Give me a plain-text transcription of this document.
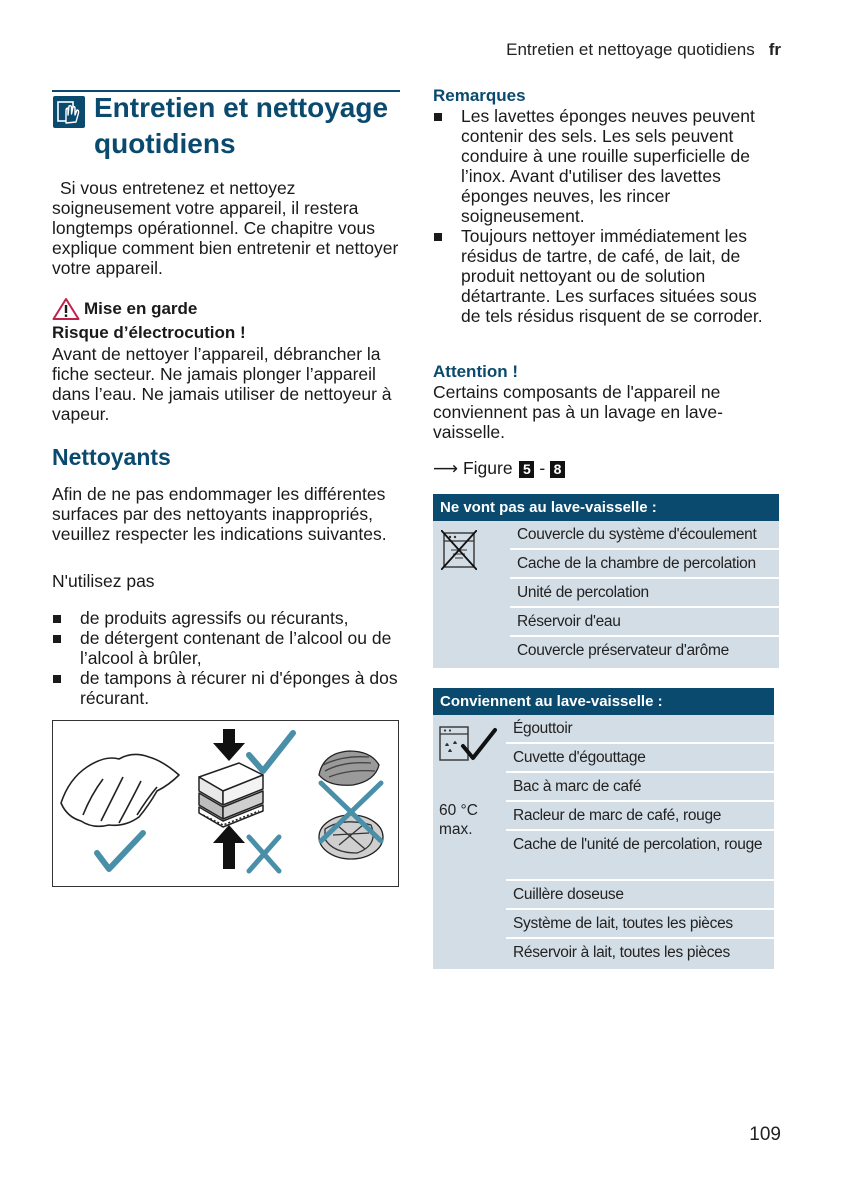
Entretien et nettoyage quotidiens fr
Entretien et nettoyage
quotidiens
Si vous entretenez et nettoyez soigneusement votre appareil, il restera longtemps opérationnel. Ce chapitre vous explique comment bien entretenir et nettoyer votre appareil.
Mise en garde
Risque d’électrocution !
Avant de nettoyer l’appareil, débrancher la fiche secteur. Ne jamais plonger l’appareil dans l’eau. Ne jamais utiliser de nettoyeur à vapeur.
Nettoyants
Afin de ne pas endommager les différentes surfaces par des nettoyants inappropriés, veuillez respecter les indications suivantes.
N'utilisez pas
de produits agressifs ou récurants,
de détergent contenant de l’alcool ou de l’alcool à brûler,
de tampons à récurer ni d'éponges à dos récurant.
Remarques
Les lavettes éponges neuves peuvent contenir des sels. Les sels peuvent conduire à une rouille superficielle de l’inox. Avant d'utiliser des lavettes éponges neuves, les rincer soigneusement.
Toujours nettoyer immédiatement les résidus de tartre, de café, de lait, de produit nettoyant ou de solution détartrante. Les surfaces situées sous de tels résidus risquent de se corroder.
Attention !
Certains composants de l'appareil ne conviennent pas à un lavage en lave-vaisselle.
⟶ Figure 5 - 8
Ne vont pas au lave-vaisselle :
Couvercle du système d'écoulement
Cache de la chambre de percolation
Unité de percolation
Réservoir d'eau
Couvercle préservateur d'arôme
Conviennent au lave-vaisselle :
60 °C
max.
Égouttoir
Cuvette d'égouttage
Bac à marc de café
Racleur de marc de café, rouge
Cache de l'unité de percolation, rouge
Cuillère doseuse
Système de lait, toutes les pièces
Réservoir à lait, toutes les pièces
109
